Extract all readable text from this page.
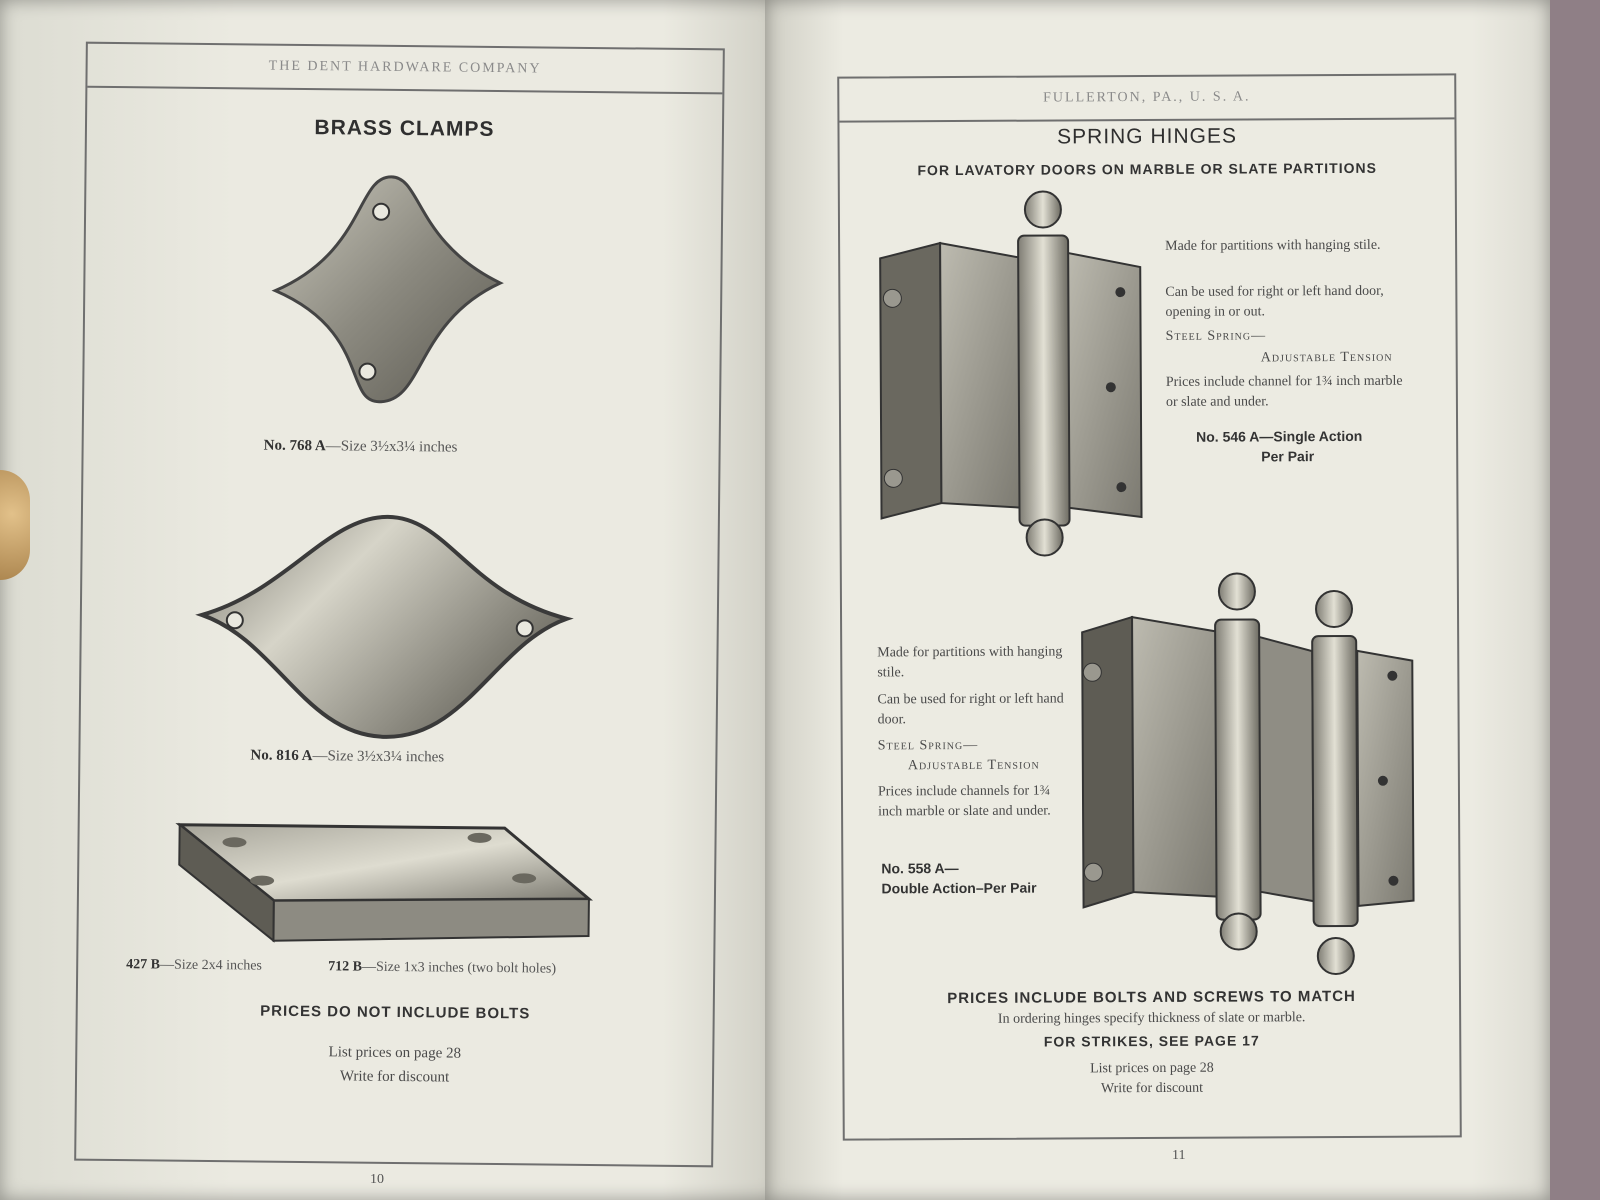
THE DENT HARDWARE COMPANY
BRASS CLAMPS
No. 768 A—Size 3½x3¼ inches
No. 816 A—Size 3½x3¼ inches
427 B—Size 2x4 inches	712 B—Size 1x3 inches (two bolt holes)
PRICES DO NOT INCLUDE BOLTS
List prices on page 28
Write for discount
10
FULLERTON, PA., U. S. A.
SPRING HINGES
FOR LAVATORY DOORS ON MARBLE OR SLATE PARTITIONS
Made for partitions with hanging stile.
Can be used for right or left hand door, opening in or out.
Steel Spring—
Adjustable Tension
Prices include channel for 1¾ inch marble or slate and under.
No. 546 A—Single Action
Per Pair
Made for partitions with hanging stile.
Can be used for right or left hand door.
Steel Spring—
Adjustable Tension
Prices include channels for 1¾ inch marble or slate and under.
No. 558 A—
Double Action–Per Pair
PRICES INCLUDE BOLTS AND SCREWS TO MATCH
In ordering hinges specify thickness of slate or marble.
FOR STRIKES, SEE PAGE 17
List prices on page 28
Write for discount
11
